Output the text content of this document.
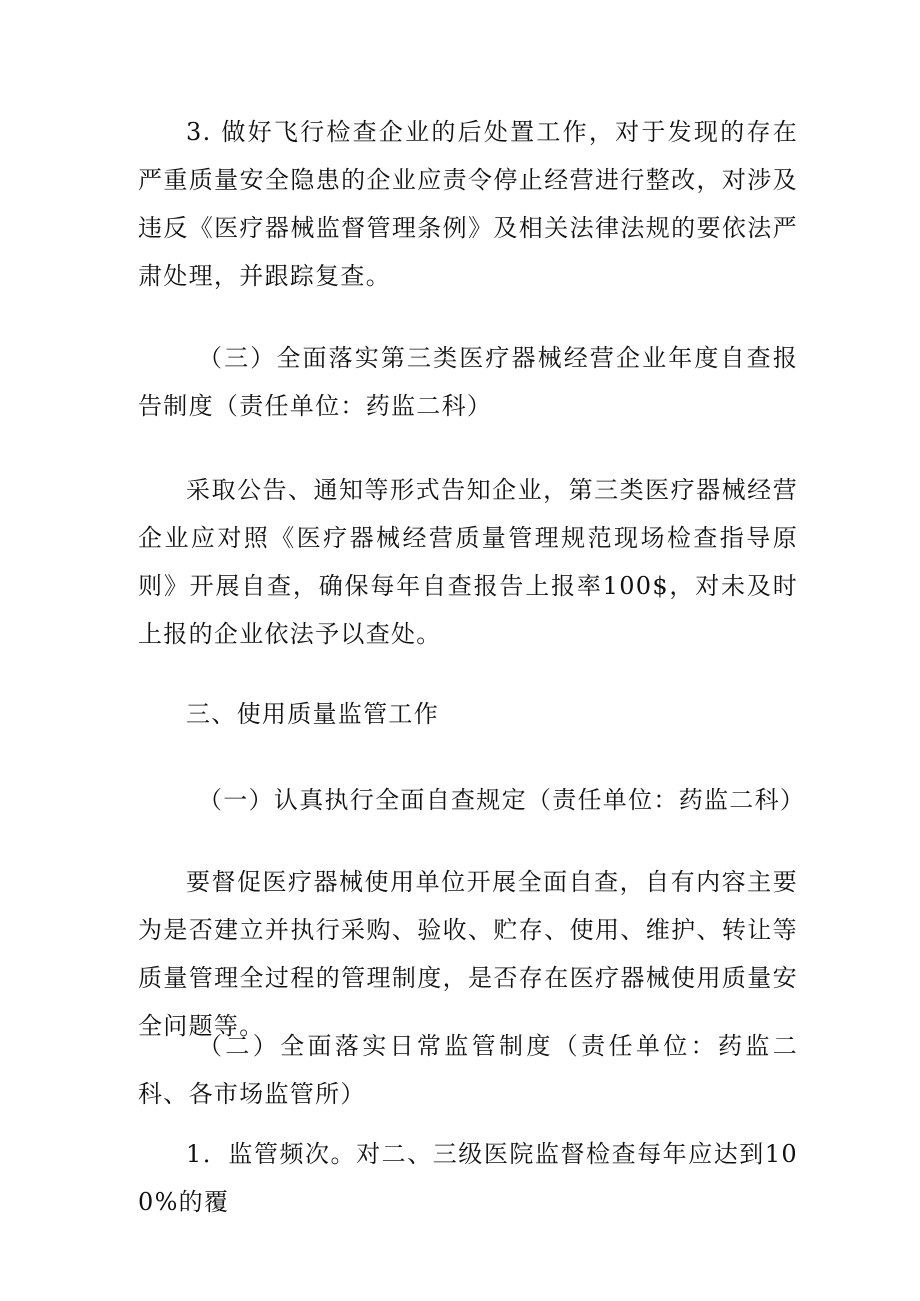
3. 做好飞行检查企业的后处置工作，对于发现的存在严重质量安全隐患的企业应责令停止经营进行整改，对涉及违反《医疗器械监督管理条例》及相关法律法规的要依法严肃处理，并跟踪复查。

（三）全面落实第三类医疗器械经营企业年度自查报告制度（责任单位：药监二科）

采取公告、通知等形式告知企业，第三类医疗器械经营企业应对照《医疗器械经营质量管理规范现场检查指导原则》开展自查，确保每年自查报告上报率100$，对未及时上报的企业依法予以查处。

三、使用质量监管工作

（一）认真执行全面自查规定（责任单位：药监二科）

要督促医疗器械使用单位开展全面自查，自有内容主要为是否建立并执行采购、验收、贮存、使用、维护、转让等质量管理全过程的管理制度，是否存在医疗器械使用质量安全问题等。

（二）全面落实日常监管制度（责任单位：药监二科、各市场监管所）

1．监管频次。对二、三级医院监督检查每年应达到100%的覆
